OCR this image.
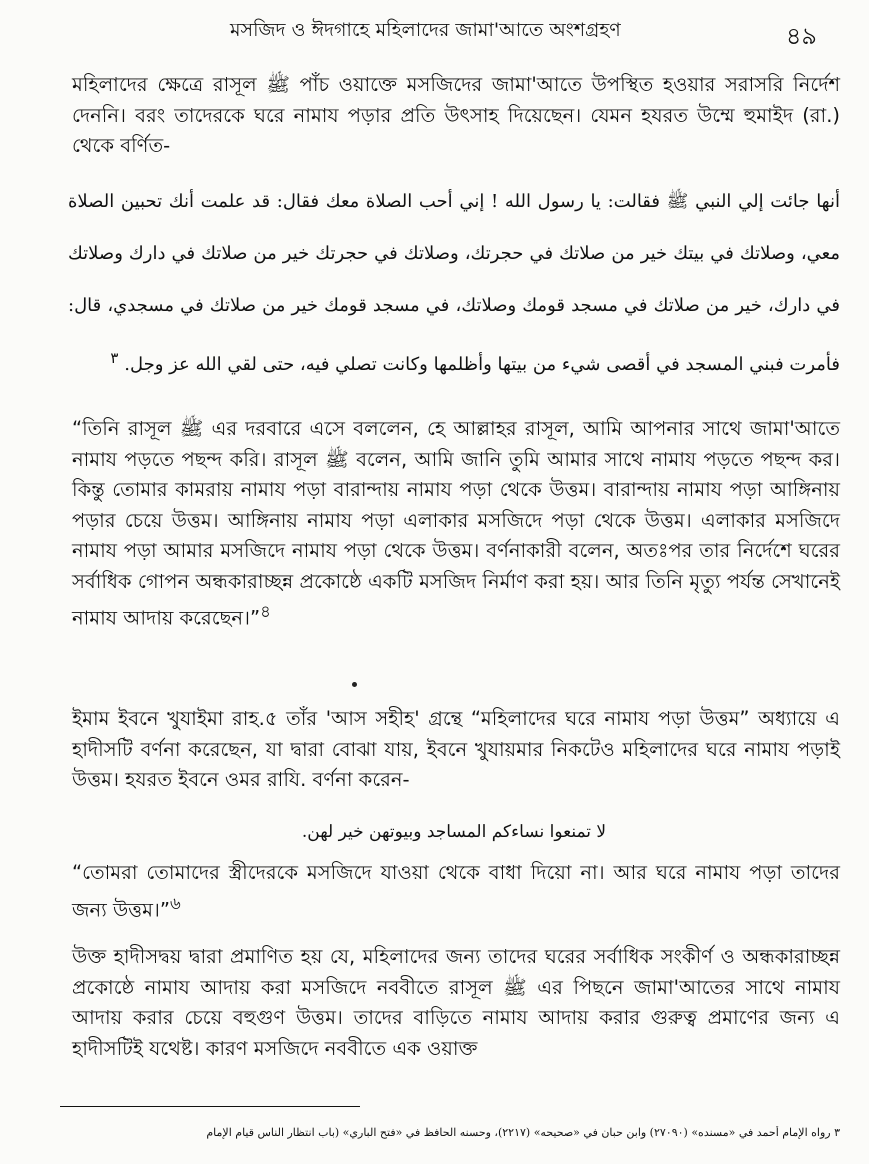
মসজিদ ও ঈদগাহে মহিলাদের জামা'আতে অংশগ্রহণ	৪৯

মহিলাদের ক্ষেত্রে রাসূল ﷺ পাঁচ ওয়াক্তে মসজিদের জামা'আতে উপস্থিত হওয়ার সরাসরি নির্দেশ দেননি। বরং তাদেরকে ঘরে নামায পড়ার প্রতি উৎসাহ দিয়েছেন। যেমন হযরত উম্মে হুমাইদ (রা.) থেকে বর্ণিত-

أنها جائت إلي النبي ﷺ فقالت: يا رسول الله ! إني أحب الصلاة معك فقال: قد علمت أنك تحبين الصلاة معي، وصلاتك في بيتك خير من صلاتك في حجرتك، وصلاتك في حجرتك خير من صلاتك في دارك وصلاتك في دارك، خير من صلاتك في مسجد قومك وصلاتك، في مسجد قومك خير من صلاتك في مسجدي، قال: فأمرت فبني المسجد في أقصى شيء من بيتها وأظلمها وكانت تصلي فيه، حتى لقي الله عز وجل. $^٣$

“তিনি রাসূল ﷺ এর দরবারে এসে বললেন, হে আল্লাহর রাসূল, আমি আপনার সাথে জামা'আতে নামায পড়তে পছন্দ করি। রাসূল ﷺ বলেন, আমি জানি তুমি আমার সাথে নামায পড়তে পছন্দ কর। কিন্তু তোমার কামরায় নামায পড়া বারান্দায় নামায পড়া থেকে উত্তম। বারান্দায় নামায পড়া আঙ্গিনায় পড়ার চেয়ে উত্তম। আঙ্গিনায় নামায পড়া এলাকার মসজিদে পড়া থেকে উত্তম। এলাকার মসজিদে নামায পড়া আমার মসজিদে নামায পড়া থেকে উত্তম। বর্ণনাকারী বলেন, অতঃপর তার নির্দেশে ঘরের সর্বাধিক গোপন অন্ধকারাচ্ছন্ন প্রকোষ্ঠে একটি মসজিদ নির্মাণ করা হয়। আর তিনি মৃত্যু পর্যন্ত সেখানেই নামায আদায় করেছেন।”$^৪$

ইমাম ইবনে খুযাইমা রাহ.৫ তাঁর 'আস সহীহ' গ্রন্থে “মহিলাদের ঘরে নামায পড়া উত্তম” অধ্যায়ে এ হাদীসটি বর্ণনা করেছেন, যা দ্বারা বোঝা যায়, ইবনে খুযায়মার নিকটেও মহিলাদের ঘরে নামায পড়াই উত্তম। হযরত ইবনে ওমর রাযি. বর্ণনা করেন-

لا تمنعوا نساءكم المساجد وبيوتهن خير لهن.

“তোমরা তোমাদের স্ত্রীদেরকে মসজিদে যাওয়া থেকে বাধা দিয়ো না। আর ঘরে নামায পড়া তাদের জন্য উত্তম।”$^৬$

উক্ত হাদীসদ্বয় দ্বারা প্রমাণিত হয় যে, মহিলাদের জন্য তাদের ঘরের সর্বাধিক সংকীর্ণ ও অন্ধকারাচ্ছন্ন প্রকোষ্ঠে নামায আদায় করা মসজিদে নববীতে রাসূল ﷺ এর পিছনে জামা'আতের সাথে নামায আদায় করার চেয়ে বহুগুণ উত্তম। তাদের বাড়িতে নামায আদায় করার গুরুত্ব প্রমাণের জন্য এ হাদীসটিই যথেষ্ট। কারণ মসজিদে নববীতে এক ওয়াক্ত

٣ رواه الإمام أحمد في «مسنده» (٢٧٠٩٠) وابن حبان في «صحيحه» (٢٢١٧)، وحسنه الحافظ في «فتح الباري» (باب انتظار الناس قيام الإمام
